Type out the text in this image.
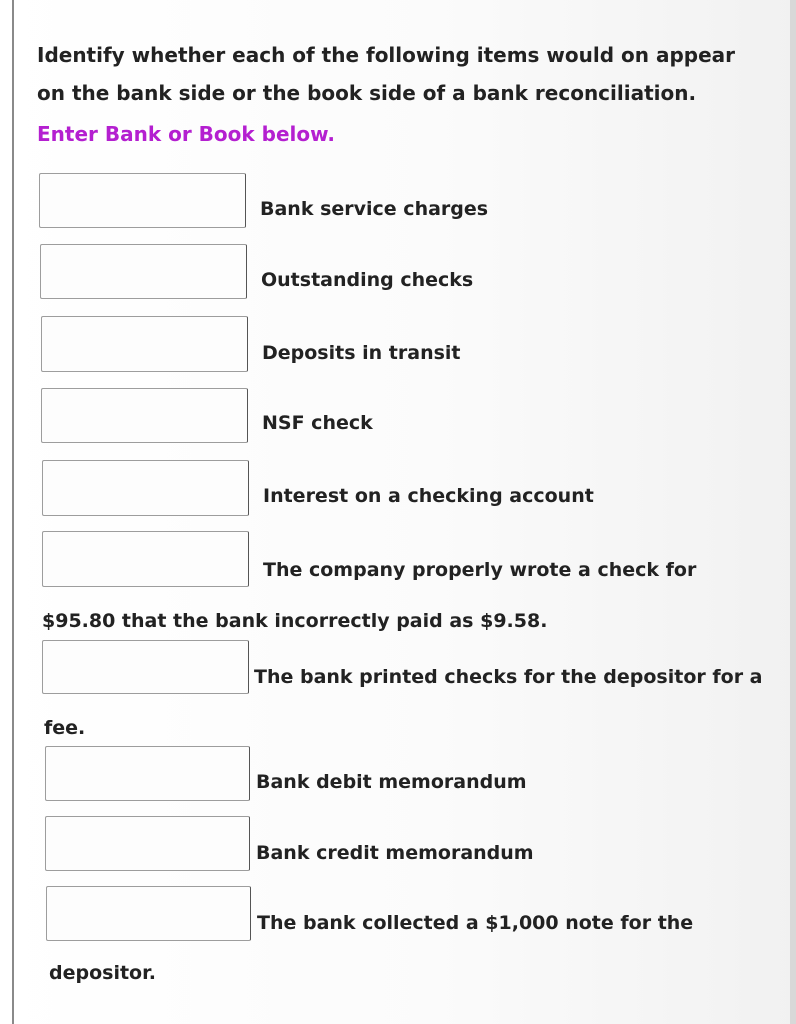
Identify whether each of the following items would on appear on the bank side or the book side of a bank reconciliation.
Enter Bank or Book below.
Bank service charges
Outstanding checks
Deposits in transit
NSF check
Interest on a checking account
The company properly wrote a check for
$95.80 that the bank incorrectly paid as $9.58.
The bank printed checks for the depositor for a
fee.
Bank debit memorandum
Bank credit memorandum
The bank collected a $1,000 note for the
depositor.
